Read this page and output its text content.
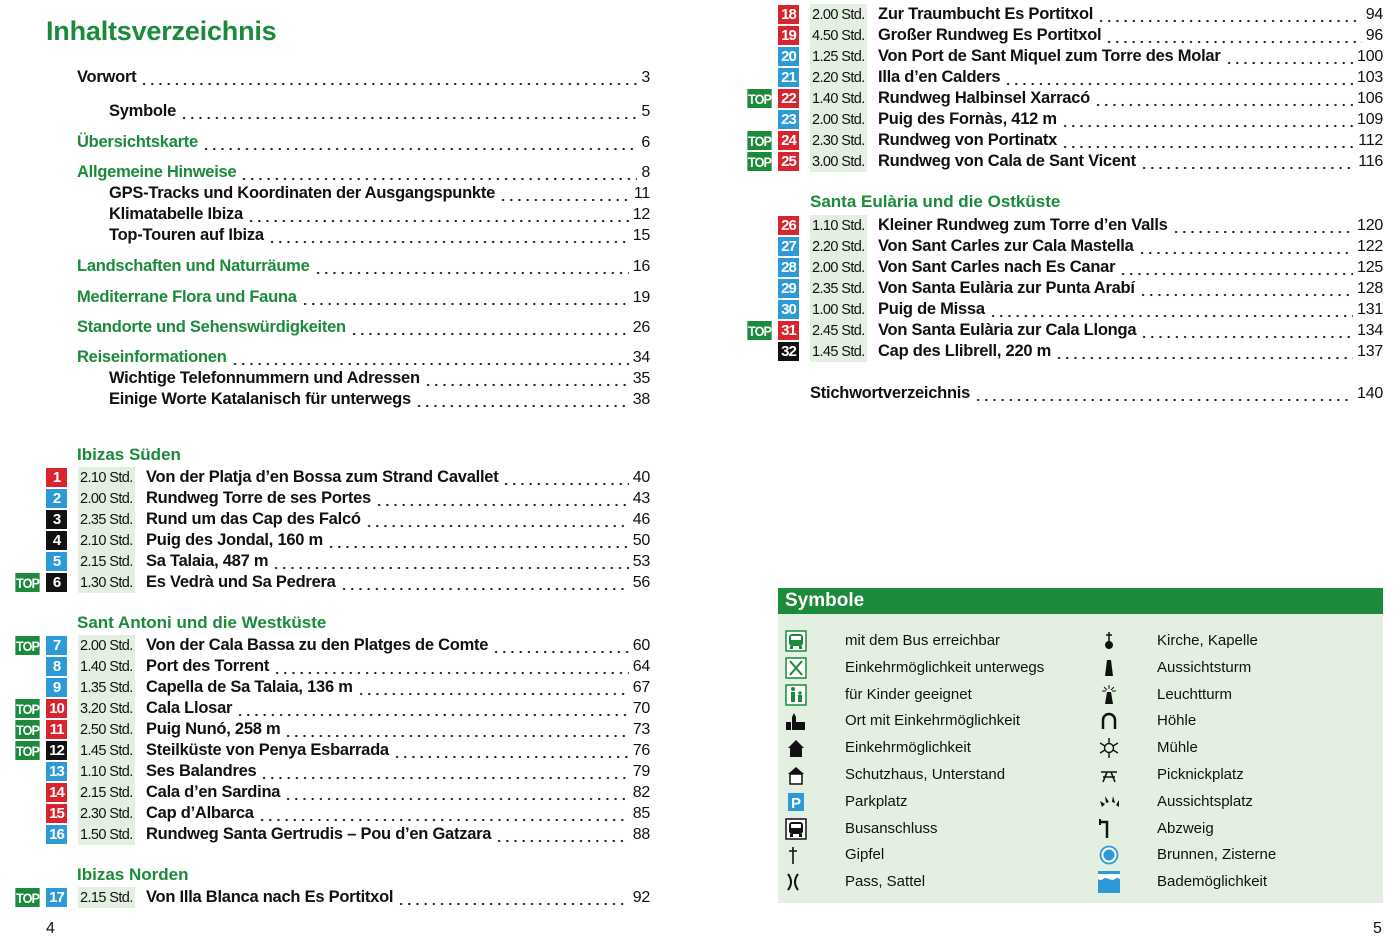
Inhaltsverzeichnis
Vorwort	3
Symbole	5
Übersichtskarte	6
Allgemeine Hinweise	8
GPS-Tracks und Koordinaten der Ausgangspunkte	11
Klimatabelle Ibiza	12
Top-Touren auf Ibiza	15
Landschaften und Naturräume	16
Mediterrane Flora und Fauna	19
Standorte und Sehenswürdigkeiten	26
Reiseinformationen	34
Wichtige Telefonnummern und Adressen	35
Einige Worte Katalanisch für unterwegs	38
Ibizas Süden
1	2.10 Std. Von der Platja d’en Bossa zum Strand Cavallet	40
2	2.00 Std. Rundweg Torre de ses Portes	43
3	2.35 Std. Rund um das Cap des Falcó	46
4	2.10 Std. Puig des Jondal, 160 m	50
5	2.15 Std. Sa Talaia, 487 m	53
TOP 6	1.30 Std. Es Vedrà und Sa Pedrera	56
Sant Antoni und die Westküste
TOP 7	2.00 Std. Von der Cala Bassa zu den Platges de Comte	60
8	1.40 Std. Port des Torrent	64
9	1.35 Std. Capella de Sa Talaia, 136 m	67
TOP 10 3.20 Std. Cala Llosar	70
TOP 11 2.50 Std. Puig Nunó, 258 m	73
TOP 12 1.45 Std. Steilküste von Penya Esbarrada	76
13 1.10 Std. Ses Balandres	79
14 2.15 Std. Cala d’en Sardina	82
15 2.30 Std. Cap d’Albarca	85
16 1.50 Std. Rundweg Santa Gertrudis – Pou d’en Gatzara	88
Ibizas Norden
TOP 17 2.15 Std. Von Illa Blanca nach Es Portitxol	92
18 2.00 Std. Zur Traumbucht Es Portitxol	94
19 4.50 Std. Großer Rundweg Es Portitxol	96
20 1.25 Std. Von Port de Sant Miquel zum Torre des Molar	100
21 2.20 Std. Illa d’en Calders	103
TOP 22 1.40 Std. Rundweg Halbinsel Xarracó	106
23 2.00 Std. Puig des Fornàs, 412 m	109
TOP 24 2.30 Std. Rundweg von Portinatx	112
TOP 25 3.00 Std. Rundweg von Cala de Sant Vicent	116
Santa Eulària und die Ostküste
26 1.10 Std. Kleiner Rundweg zum Torre d’en Valls	120
27 2.20 Std. Von Sant Carles zur Cala Mastella	122
28 2.00 Std. Von Sant Carles nach Es Canar	125
29 2.35 Std. Von Santa Eulària zur Punta Arabí	128
30 1.00 Std. Puig de Missa	131
TOP 31 2.45 Std. Von Santa Eulària zur Cala Llonga	134
32 1.45 Std. Cap des Llibrell, 220 m	137
Stichwortverzeichnis	140
Symbole
mit dem Bus erreichbar
Einkehrmöglichkeit unterwegs
für Kinder geeignet
Ort mit Einkehrmöglichkeit
Einkehrmöglichkeit
Schutzhaus, Unterstand
P	Parkplatz
Busanschluss
Gipfel
Pass, Sattel
Kirche, Kapelle
Aussichtsturm
Leuchtturm
Höhle
Mühle
Picknickplatz
Aussichtsplatz
Abzweig
Brunnen, Zisterne
Bademöglichkeit
4	5
